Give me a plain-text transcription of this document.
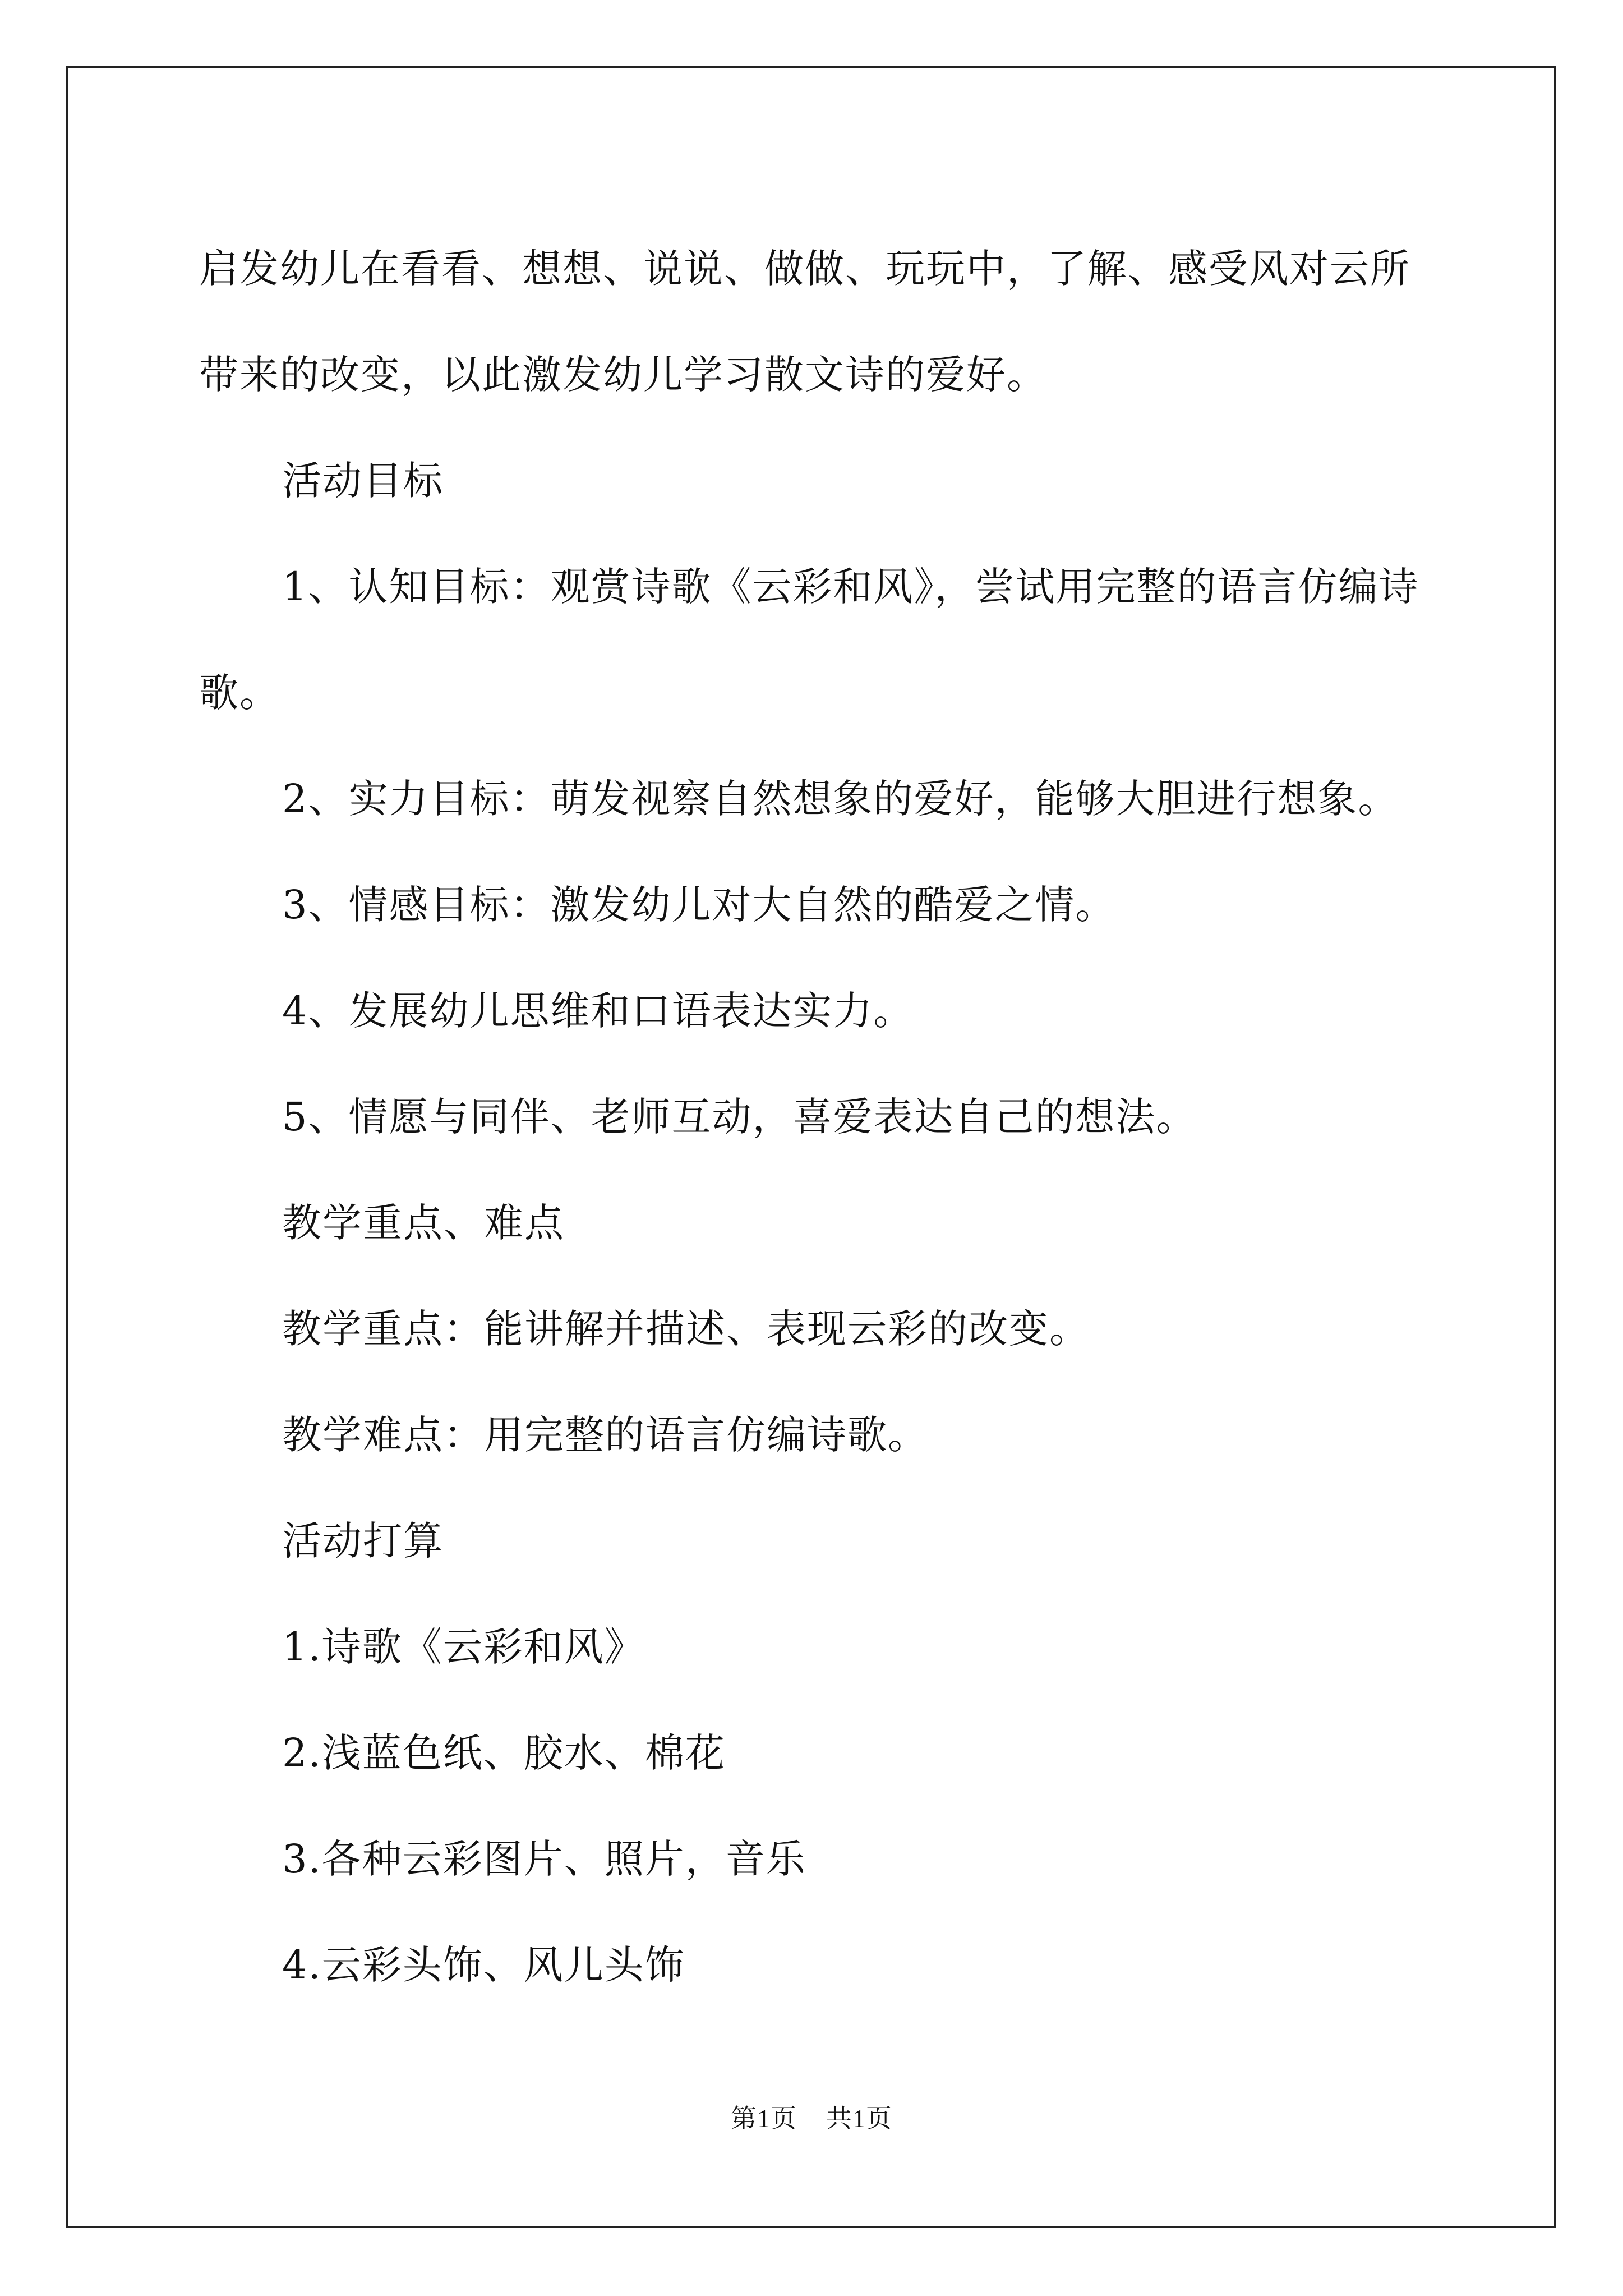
启发幼儿在看看、想想、说说、做做、玩玩中，了解、感受风对云所

带来的改变，以此激发幼儿学习散文诗的爱好。

活动目标

1、认知目标：观赏诗歌《云彩和风》，尝试用完整的语言仿编诗

歌。

2、实力目标：萌发视察自然想象的爱好，能够大胆进行想象。

3、情感目标：激发幼儿对大自然的酷爱之情。

4、发展幼儿思维和口语表达实力。

5、情愿与同伴、老师互动，喜爱表达自己的想法。

教学重点、难点

教学重点：能讲解并描述、表现云彩的改变。

教学难点：用完整的语言仿编诗歌。

活动打算

1.诗歌《云彩和风》

2.浅蓝色纸、胶水、棉花

3.各种云彩图片、照片，音乐

4.云彩头饰、风儿头饰

第1页 共1页
